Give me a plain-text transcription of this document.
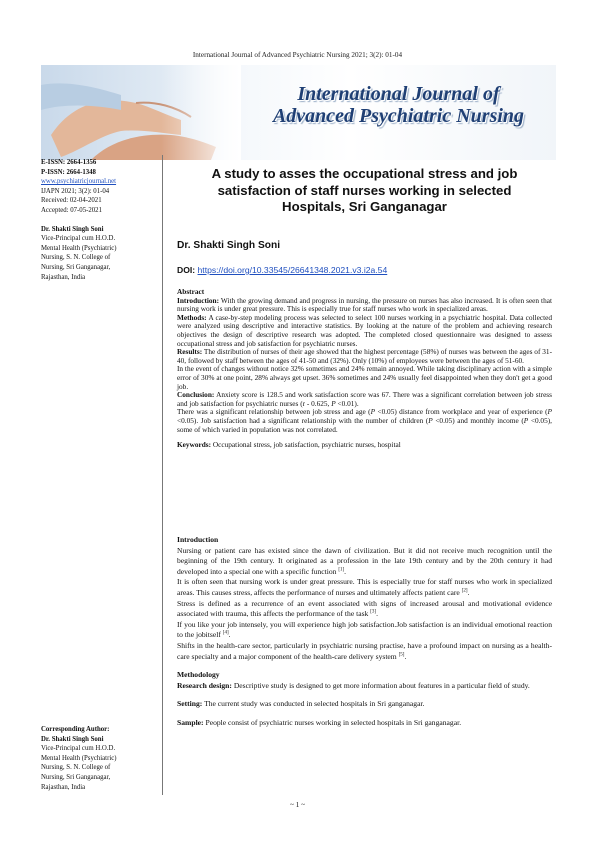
International Journal of Advanced Psychiatric Nursing 2021; 3(2): 01-04
International Journal of
Advanced Psychiatric Nursing
E-ISSN: 2664-1356
P-ISSN: 2664-1348
www.psychiatricjournal.net
IJAPN 2021; 3(2): 01-04
Received: 02-04-2021
Accepted: 07-05-2021
Dr. Shakti Singh Soni
Vice-Principal cum H.O.D.
Mental Health (Psychiatric)
Nursing, S. N. College of
Nursing, Sri Ganganagar,
Rajasthan, India
Corresponding Author:
Dr. Shakti Singh Soni
Vice-Principal cum H.O.D.
Mental Health (Psychiatric)
Nursing, S. N. College of
Nursing, Sri Ganganagar,
Rajasthan, India
A study to asses the occupational stress and job
satisfaction of staff nurses working in selected
Hospitals, Sri Ganganagar
Dr. Shakti Singh Soni
DOI: https://doi.org/10.33545/26641348.2021.v3.i2a.54

Abstract

Introduction: With the growing demand and progress in nursing, the pressure on nurses has also increased. It is often seen that nursing work is under great pressure. This is especially true for staff nurses who work in specialized areas.

Methods: A case-by-step modeling process was selected to select 100 nurses working in a psychiatric hospital. Data collected were analyzed using descriptive and interactive statistics. By looking at the nature of the problem and achieving research objectives the design of descriptive research was adopted. The completed closed questionnaire was designed to assess occupational stress and job satisfaction for psychiatric nurses.

Results: The distribution of nurses of their age showed that the highest percentage (58%) of nurses was between the ages of 31-40, followed by staff between the ages of 41-50 and (32%). Only (10%) of employees were between the ages of 51-60.

In the event of changes without notice 32% sometimes and 24% remain annoyed. While taking disciplinary action with a simple error of 30% at one point, 28% always get upset. 36% sometimes and 24% usually feel disappointed when they don't get a good job.

Conclusion: Anxiety score is 128.5 and work satisfaction score was 67. There was a significant correlation between job stress and job satisfaction for psychiatric nurses (r - 0.625, P <0.01).

There was a significant relationship between job stress and age (P <0.05) distance from workplace and year of experience (P <0.05). Job satisfaction had a significant relationship with the number of children (P <0.05) and monthly income (P <0.05), some of which varied in population was not correlated.

Keywords: Occupational stress, job satisfaction, psychiatric nurses, hospital

Introduction

Nursing or patient care has existed since the dawn of civilization. But it did not receive much recognition until the beginning of the 19th century. It originated as a profession in the late 19th century and by the 20th century it had developed into a special one with a specific function [1].

It is often seen that nursing work is under great pressure. This is especially true for staff nurses who work in specialized areas. This causes stress, affects the performance of nurses and ultimately affects patient care [2].

Stress is defined as a recurrence of an event associated with signs of increased arousal and motivational evidence associated with trauma, this affects the performance of the task [3].

If you like your job intensely, you will experience high job satisfaction.Job satisfaction is an individual emotional reaction to the jobitself [4].

Shifts in the health-care sector, particularly in psychiatric nursing practise, have a profound impact on nursing as a health-care specialty and a major component of the health-care delivery system [5].

Methodology

Research design: Descriptive study is designed to get more information about features in a particular field of study.

Setting: The current study was conducted in selected hospitals in Sri ganganagar.

Sample: People consist of psychiatric nurses working in selected hospitals in Sri ganganagar.

~ 1 ~
